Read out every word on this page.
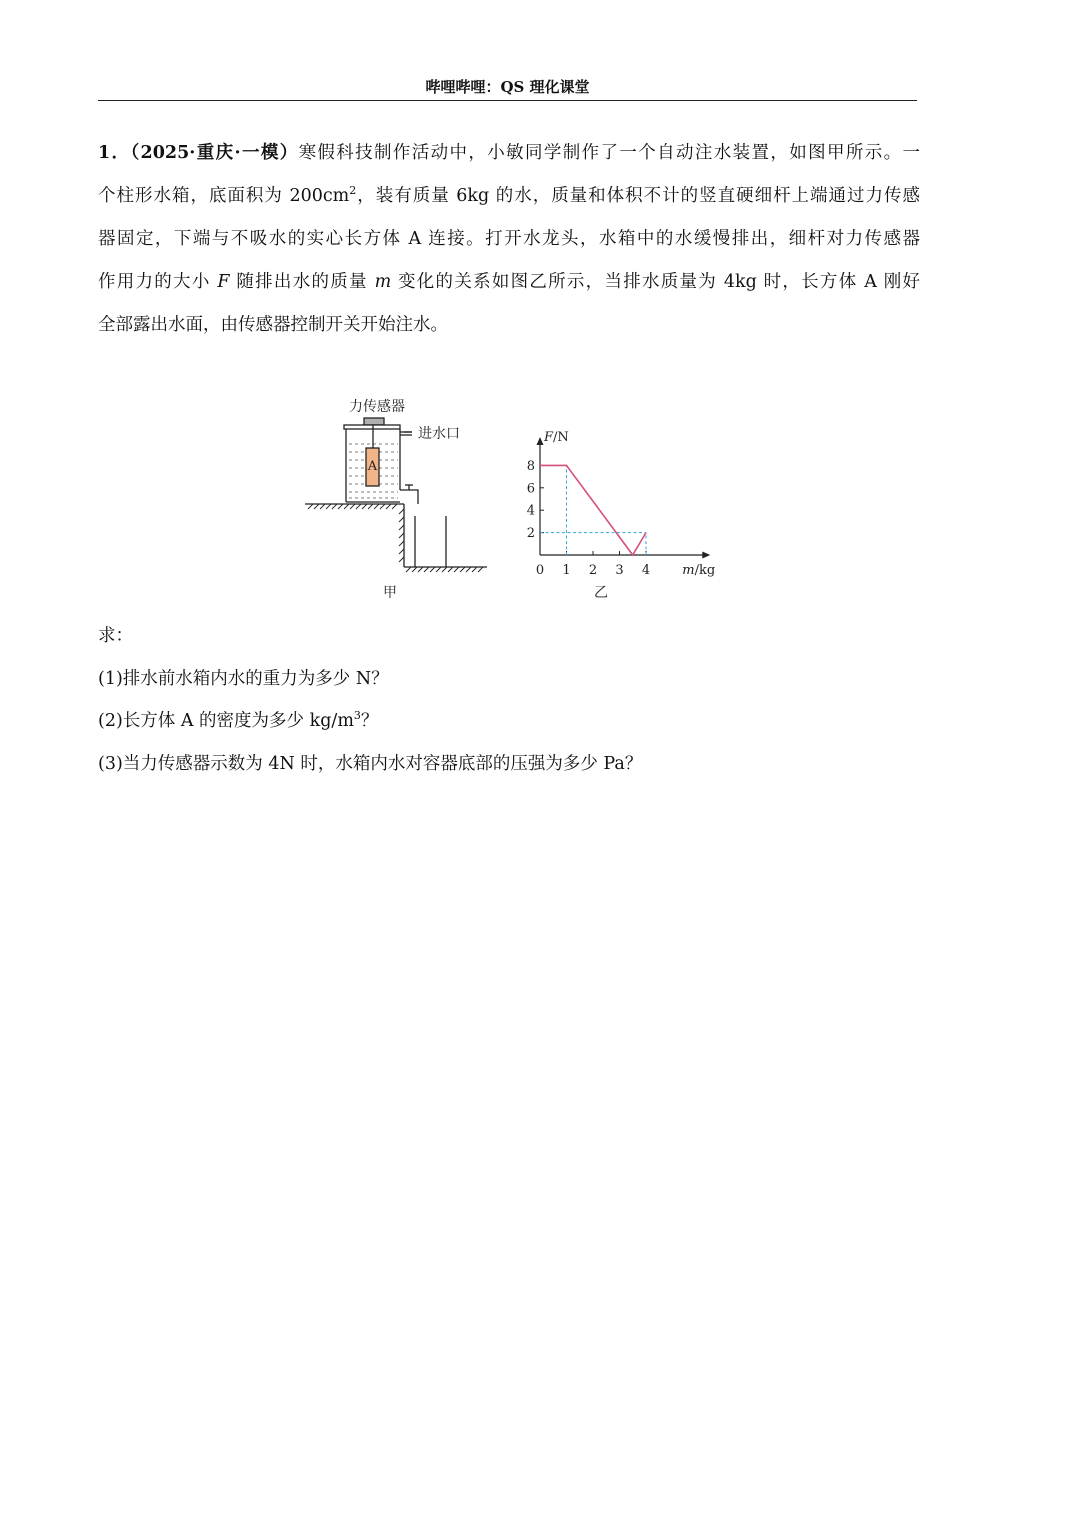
哔哩哔哩：QS 理化课堂
1．（2025·重庆·一模）寒假科技制作活动中，小敏同学制作了一个自动注水装置，如图甲所示。一
个柱形水箱，底面积为 $200cm^2$，装有质量 6kg 的水，质量和体积不计的竖直硬细杆上端通过力传感
器固定，下端与不吸水的实心长方体 A 连接。打开水龙头，水箱中的水缓慢排出，细杆对力传感器
作用力的大小 F 随排出水的质量 m 变化的关系如图乙所示，当排水质量为 4kg 时，长方体 A 刚好
全部露出水面，由传感器控制开关开始注水。
力传感器
进水口
A
甲
F/N
m/kg
0 1 2 3 4
2
4
6
8
乙
求：
(1)排水前水箱内水的重力为多少 N？
(2)长方体 A 的密度为多少 $kg/m^3$？
(3)当力传感器示数为 4N 时，水箱内水对容器底部的压强为多少 Pa？
